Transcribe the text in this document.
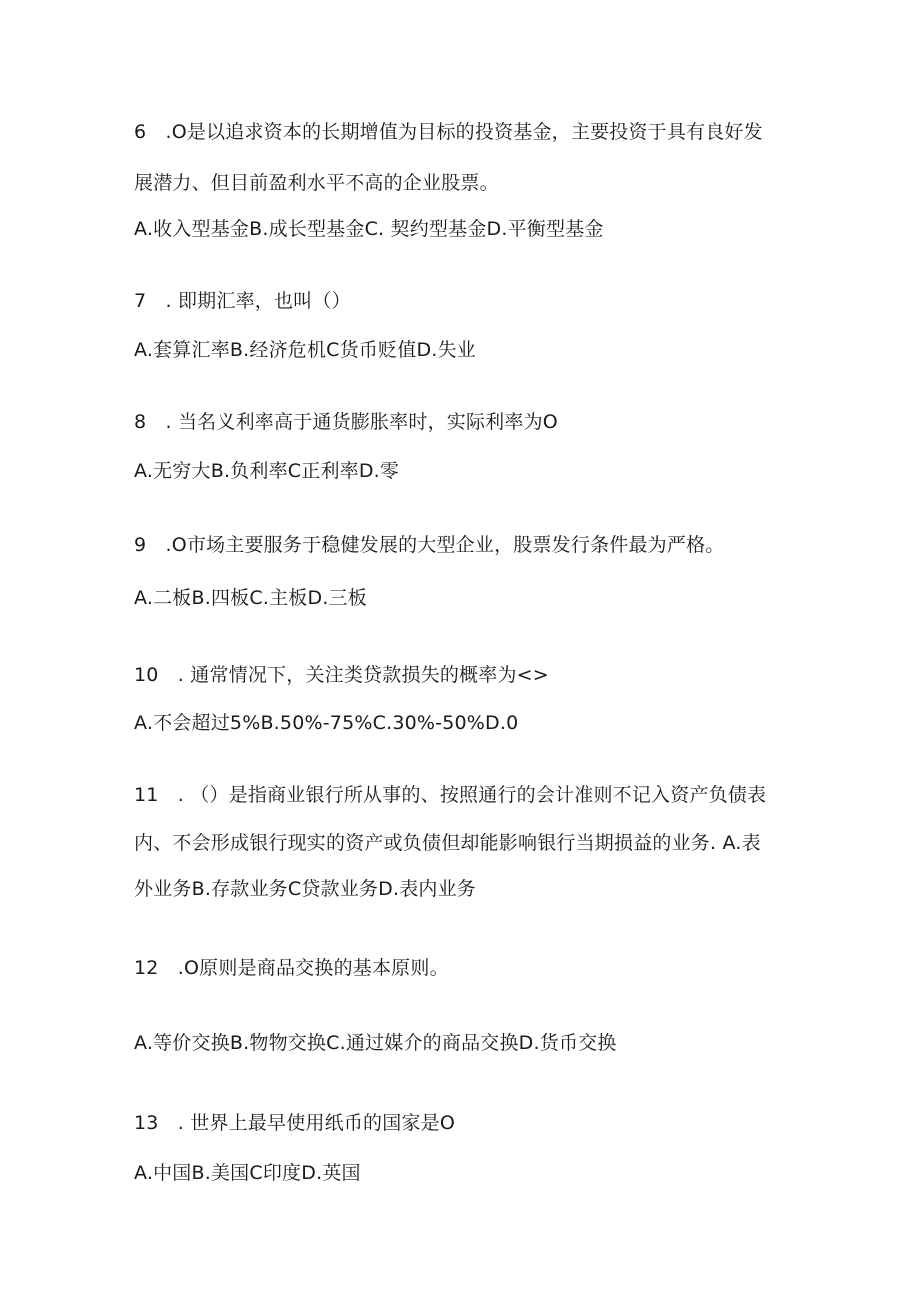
6 .O是以追求资本的长期增值为目标的投资基金，主要投资于具有良好发
展潜力、但目前盈利水平不高的企业股票。
A.收入型基金B.成长型基金C. 契约型基金D.平衡型基金
7 . 即期汇率，也叫（）
A.套算汇率B.经济危机C货币贬值D.失业
8 . 当名义利率高于通货膨胀率时，实际利率为O
A.无穷大B.负利率C正利率D.零
9 .O市场主要服务于稳健发展的大型企业，股票发行条件最为严格。
A.二板B.四板C.主板D.三板
10 . 通常情况下，关注类贷款损失的概率为<>
A.不会超过5%B.50%-75%C.30%-50%D.0
11 . （）是指商业银行所从事的、按照通行的会计准则不记入资产负债表
内、不会形成银行现实的资产或负债但却能影响银行当期损益的业务. A.表
外业务B.存款业务C贷款业务D.表内业务
12 .O原则是商品交换的基本原则。
A.等价交换B.物物交换C.通过媒介的商品交换D.货币交换
13 . 世界上最早使用纸币的国家是O
A.中国B.美国C印度D.英国
